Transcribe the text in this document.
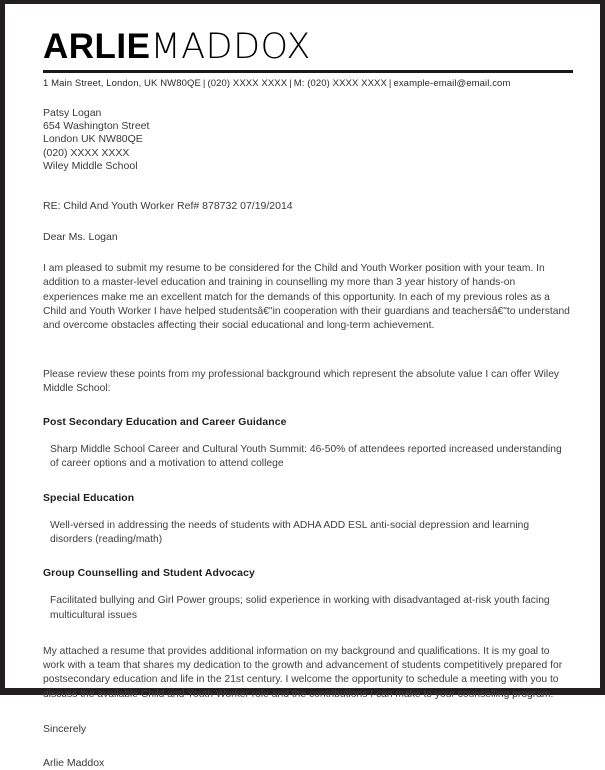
ARLIEMADDOX
1 Main Street, London, UK NW80QE | (020) XXXX XXXX | M: (020) XXXX XXXX | example-email@email.com
Patsy Logan
654 Washington Street
London UK NW80QE
(020) XXXX XXXX
Wiley Middle School
RE: Child And Youth Worker Ref# 878732 07/19/2014
Dear Ms. Logan
I am pleased to submit my resume to be considered for the Child and Youth Worker position with your team. In addition to a master-level education and training in counselling my more than 3 year history of hands-on experiences make me an excellent match for the demands of this opportunity. In each of my previous roles as a Child and Youth Worker I have helped studentsâ€"in cooperation with their guardians and teachersâ€"to understand and overcome obstacles affecting their social educational and long-term achievement.
Please review these points from my professional background which represent the absolute value I can offer Wiley Middle School:
Post Secondary Education and Career Guidance
Sharp Middle School Career and Cultural Youth Summit: 46-50% of attendees reported increased understanding of career options and a motivation to attend college
Special Education
Well-versed in addressing the needs of students with ADHA ADD ESL anti-social depression and learning disorders (reading/math)
Group Counselling and Student Advocacy
Facilitated bullying and Girl Power groups; solid experience in working with disadvantaged at-risk youth facing multicultural issues
My attached a resume that provides additional information on my background and qualifications. It is my goal to work with a team that shares my dedication to the growth and advancement of students competitively prepared for postsecondary education and life in the 21st century. I welcome the opportunity to schedule a meeting with you to discuss the available Child and Youth Worker role and the contributions I can make to your counselling program.
Sincerely
Arlie Maddox
